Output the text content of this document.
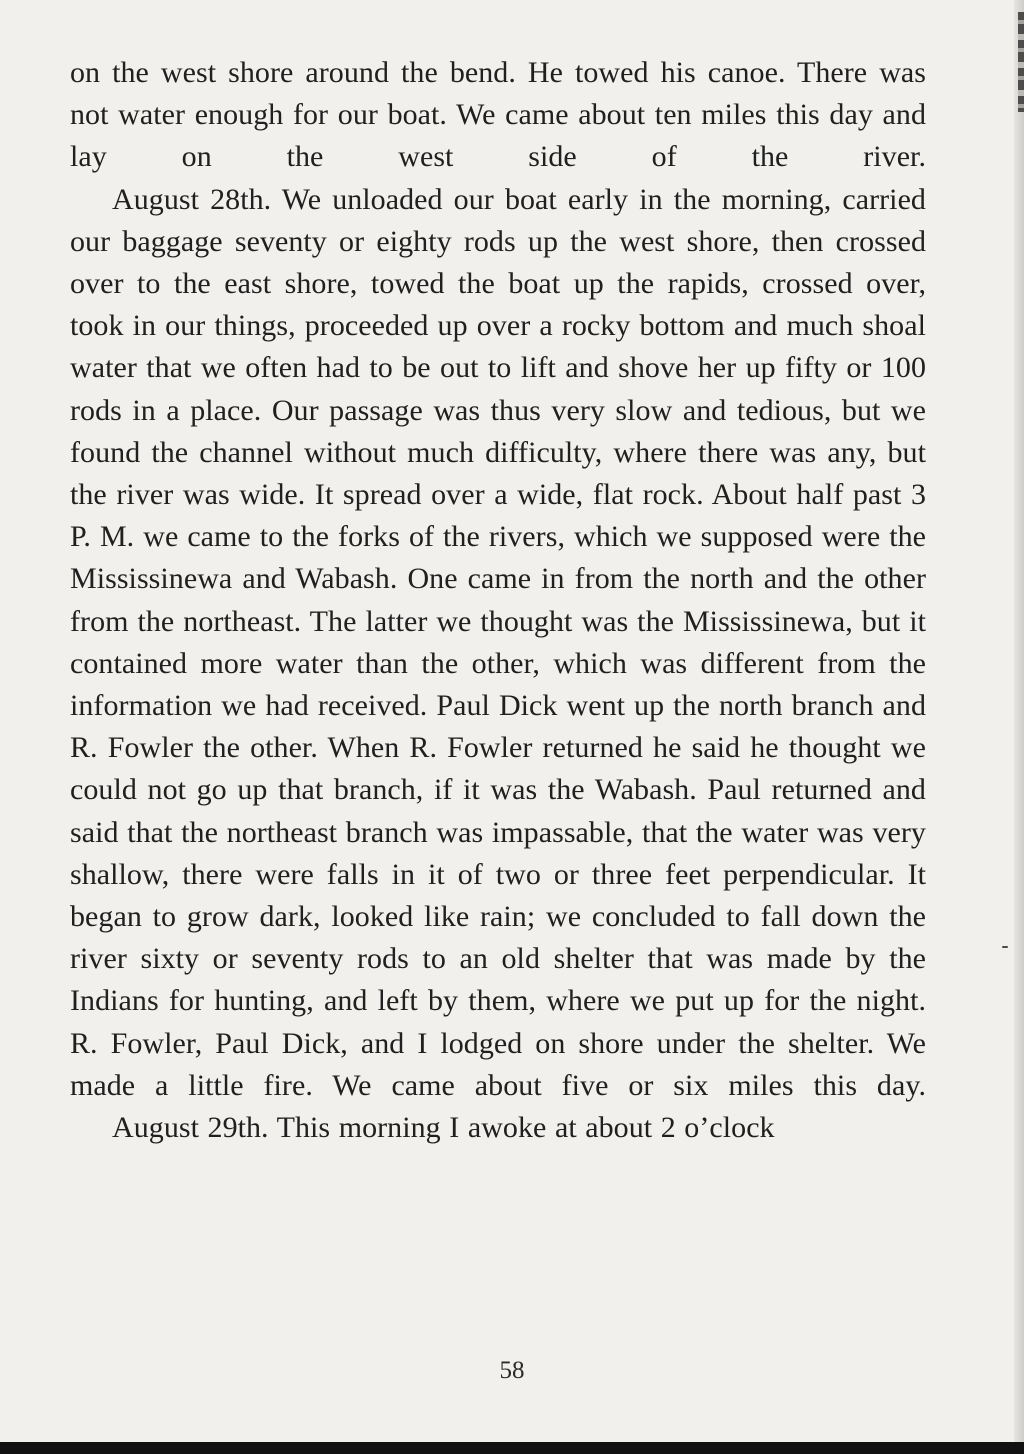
on the west shore around the bend. He towed his canoe. There was not water enough for our boat. We came about ten miles this day and lay on the west side of the river.

August 28th. We unloaded our boat early in the morning, carried our baggage seventy or eighty rods up the west shore, then crossed over to the east shore, towed the boat up the rapids, crossed over, took in our things, proceeded up over a rocky bottom and much shoal water that we often had to be out to lift and shove her up fifty or 100 rods in a place. Our passage was thus very slow and tedious, but we found the channel without much difficulty, where there was any, but the river was wide. It spread over a wide, flat rock. About half past 3 P. M. we came to the forks of the rivers, which we supposed were the Mississinewa and Wabash. One came in from the north and the other from the northeast. The latter we thought was the Mississinewa, but it contained more water than the other, which was different from the information we had received. Paul Dick went up the north branch and R. Fowler the other. When R. Fowler returned he said he thought we could not go up that branch, if it was the Wabash. Paul returned and said that the northeast branch was impassable, that the water was very shallow, there were falls in it of two or three feet perpendicular. It began to grow dark, looked like rain; we concluded to fall down the river sixty or seventy rods to an old shelter that was made by the Indians for hunting, and left by them, where we put up for the night. R. Fowler, Paul Dick, and I lodged on shore under the shelter. We made a little fire. We came about five or six miles this day.

August 29th. This morning I awoke at about 2 o’clock

58
